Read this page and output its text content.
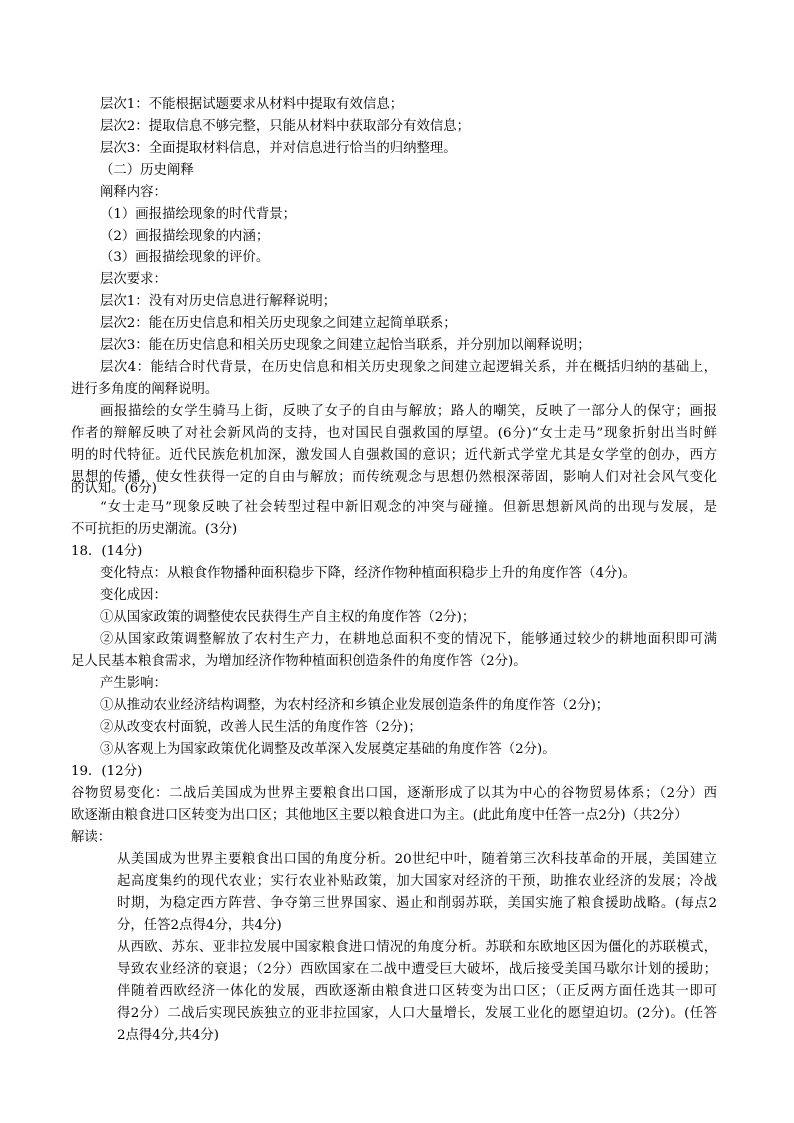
层次1：不能根据试题要求从材料中提取有效信息；
层次2：提取信息不够完整，只能从材料中获取部分有效信息；
层次3：全面提取材料信息，并对信息进行恰当的归纳整理。
（二）历史阐释
阐释内容：
（1）画报描绘现象的时代背景；
（2）画报描绘现象的内涵；
（3）画报描绘现象的评价。
层次要求：
层次1：没有对历史信息进行解释说明；
层次2：能在历史信息和相关历史现象之间建立起简单联系；
层次3：能在历史信息和相关历史现象之间建立起恰当联系，并分别加以阐释说明；
层次4：能结合时代背景，在历史信息和相关历史现象之间建立起逻辑关系，并在概括归纳的基础上，
进行多角度的阐释说明。
画报描绘的女学生骑马上街，反映了女子的自由与解放；路人的嘲笑，反映了一部分人的保守；画报
作者的辩解反映了对社会新风尚的支持，也对国民自强救国的厚望。(6分)“女士走马”现象折射出当时鲜
明的时代特征。近代民族危机加深，激发国人自强救国的意识；近代新式学堂尤其是女学堂的创办，西方
思想的传播，使女性获得一定的自由与解放；而传统观念与思想仍然根深蒂固，影响人们对社会风气变化
的认知。(6分)
“女士走马”现象反映了社会转型过程中新旧观念的冲突与碰撞。但新思想新风尚的出现与发展，是
不可抗拒的历史潮流。(3分)
18．(14分)
变化特点：从粮食作物播种面积稳步下降，经济作物种植面积稳步上升的角度作答（4分)。
变化成因：
①从国家政策的调整使农民获得生产自主权的角度作答（2分)；
②从国家政策调整解放了农村生产力，在耕地总面积不变的情况下，能够通过较少的耕地面积即可满
足人民基本粮食需求，为增加经济作物种植面积创造条件的角度作答（2分)。
产生影响：
①从推动农业经济结构调整，为农村经济和乡镇企业发展创造条件的角度作答（2分)；
②从改变农村面貌，改善人民生活的角度作答（2分)；
③从客观上为国家政策优化调整及改革深入发展奠定基础的角度作答（2分)。
19．(12分)
谷物贸易变化：二战后美国成为世界主要粮食出口国，逐渐形成了以其为中心的谷物贸易体系；（2分）西
欧逐渐由粮食进口区转变为出口区；其他地区主要以粮食进口为主。(此此角度中任答一点2分)（共2分）
解读：
从美国成为世界主要粮食出口国的角度分析。20世纪中叶，随着第三次科技革命的开展，美国建立
起高度集约的现代农业；实行农业补贴政策，加大国家对经济的干预，助推农业经济的发展；冷战
时期，为稳定西方阵营、争夺第三世界国家、遏止和削弱苏联，美国实施了粮食援助战略。(每点2
分，任答2点得4分，共4分)
从西欧、苏东、亚非拉发展中国家粮食进口情况的角度分析。苏联和东欧地区因为僵化的苏联模式，
导致农业经济的衰退；（2分）西欧国家在二战中遭受巨大破坏，战后接受美国马歇尔计划的援助；
伴随着西欧经济一体化的发展，西欧逐渐由粮食进口区转变为出口区；（正反两方面任选其一即可
得2分）二战后实现民族独立的亚非拉国家，人口大量增长，发展工业化的愿望迫切。(2分)。(任答
2点得4分,共4分)
